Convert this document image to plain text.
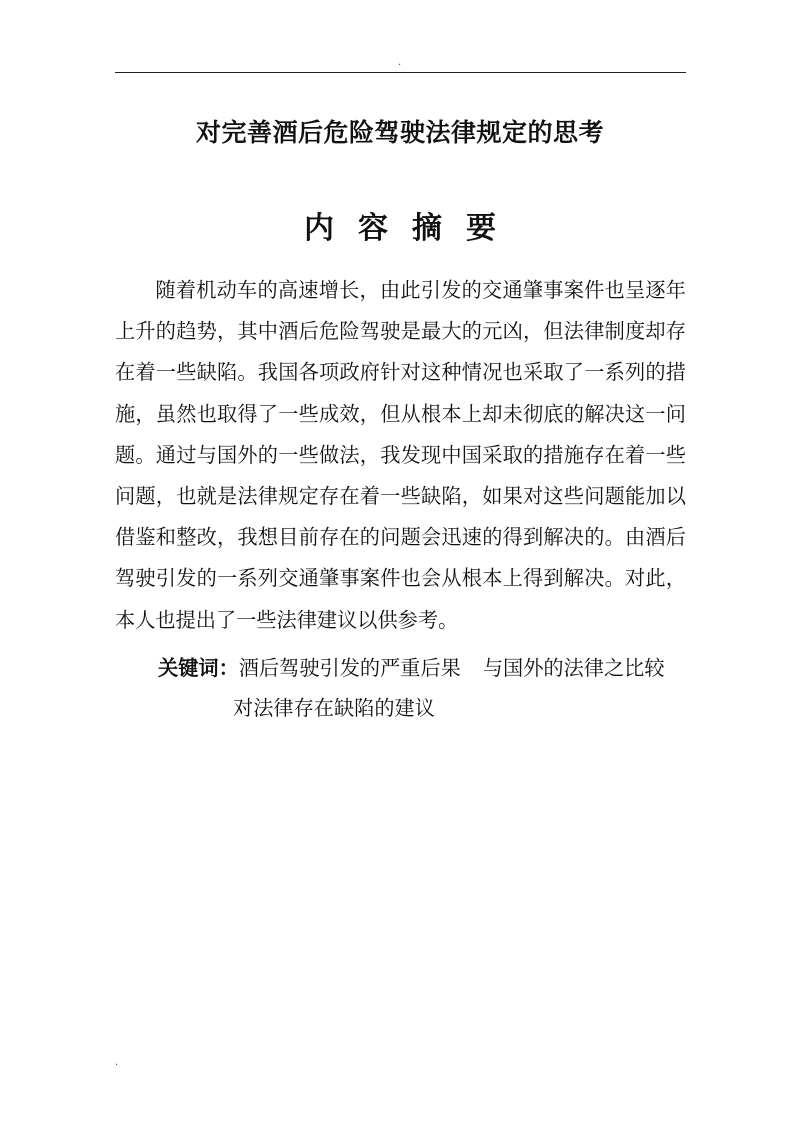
.
对完善酒后危险驾驶法律规定的思考
内容摘要

随着机动车的高速增长，由此引发的交通肇事案件也呈逐年上升的趋势，其中酒后危险驾驶是最大的元凶，但法律制度却存在着一些缺陷。我国各项政府针对这种情况也采取了一系列的措施，虽然也取得了一些成效，但从根本上却未彻底的解决这一问题。通过与国外的一些做法，我发现中国采取的措施存在着一些问题，也就是法律规定存在着一些缺陷，如果对这些问题能加以借鉴和整改，我想目前存在的问题会迅速的得到解决的。由酒后驾驶引发的一系列交通肇事案件也会从根本上得到解决。对此，本人也提出了一些法律建议以供参考。

关键词：酒后驾驶引发的严重后果 与国外的法律之比较
对法律存在缺陷的建议
.
